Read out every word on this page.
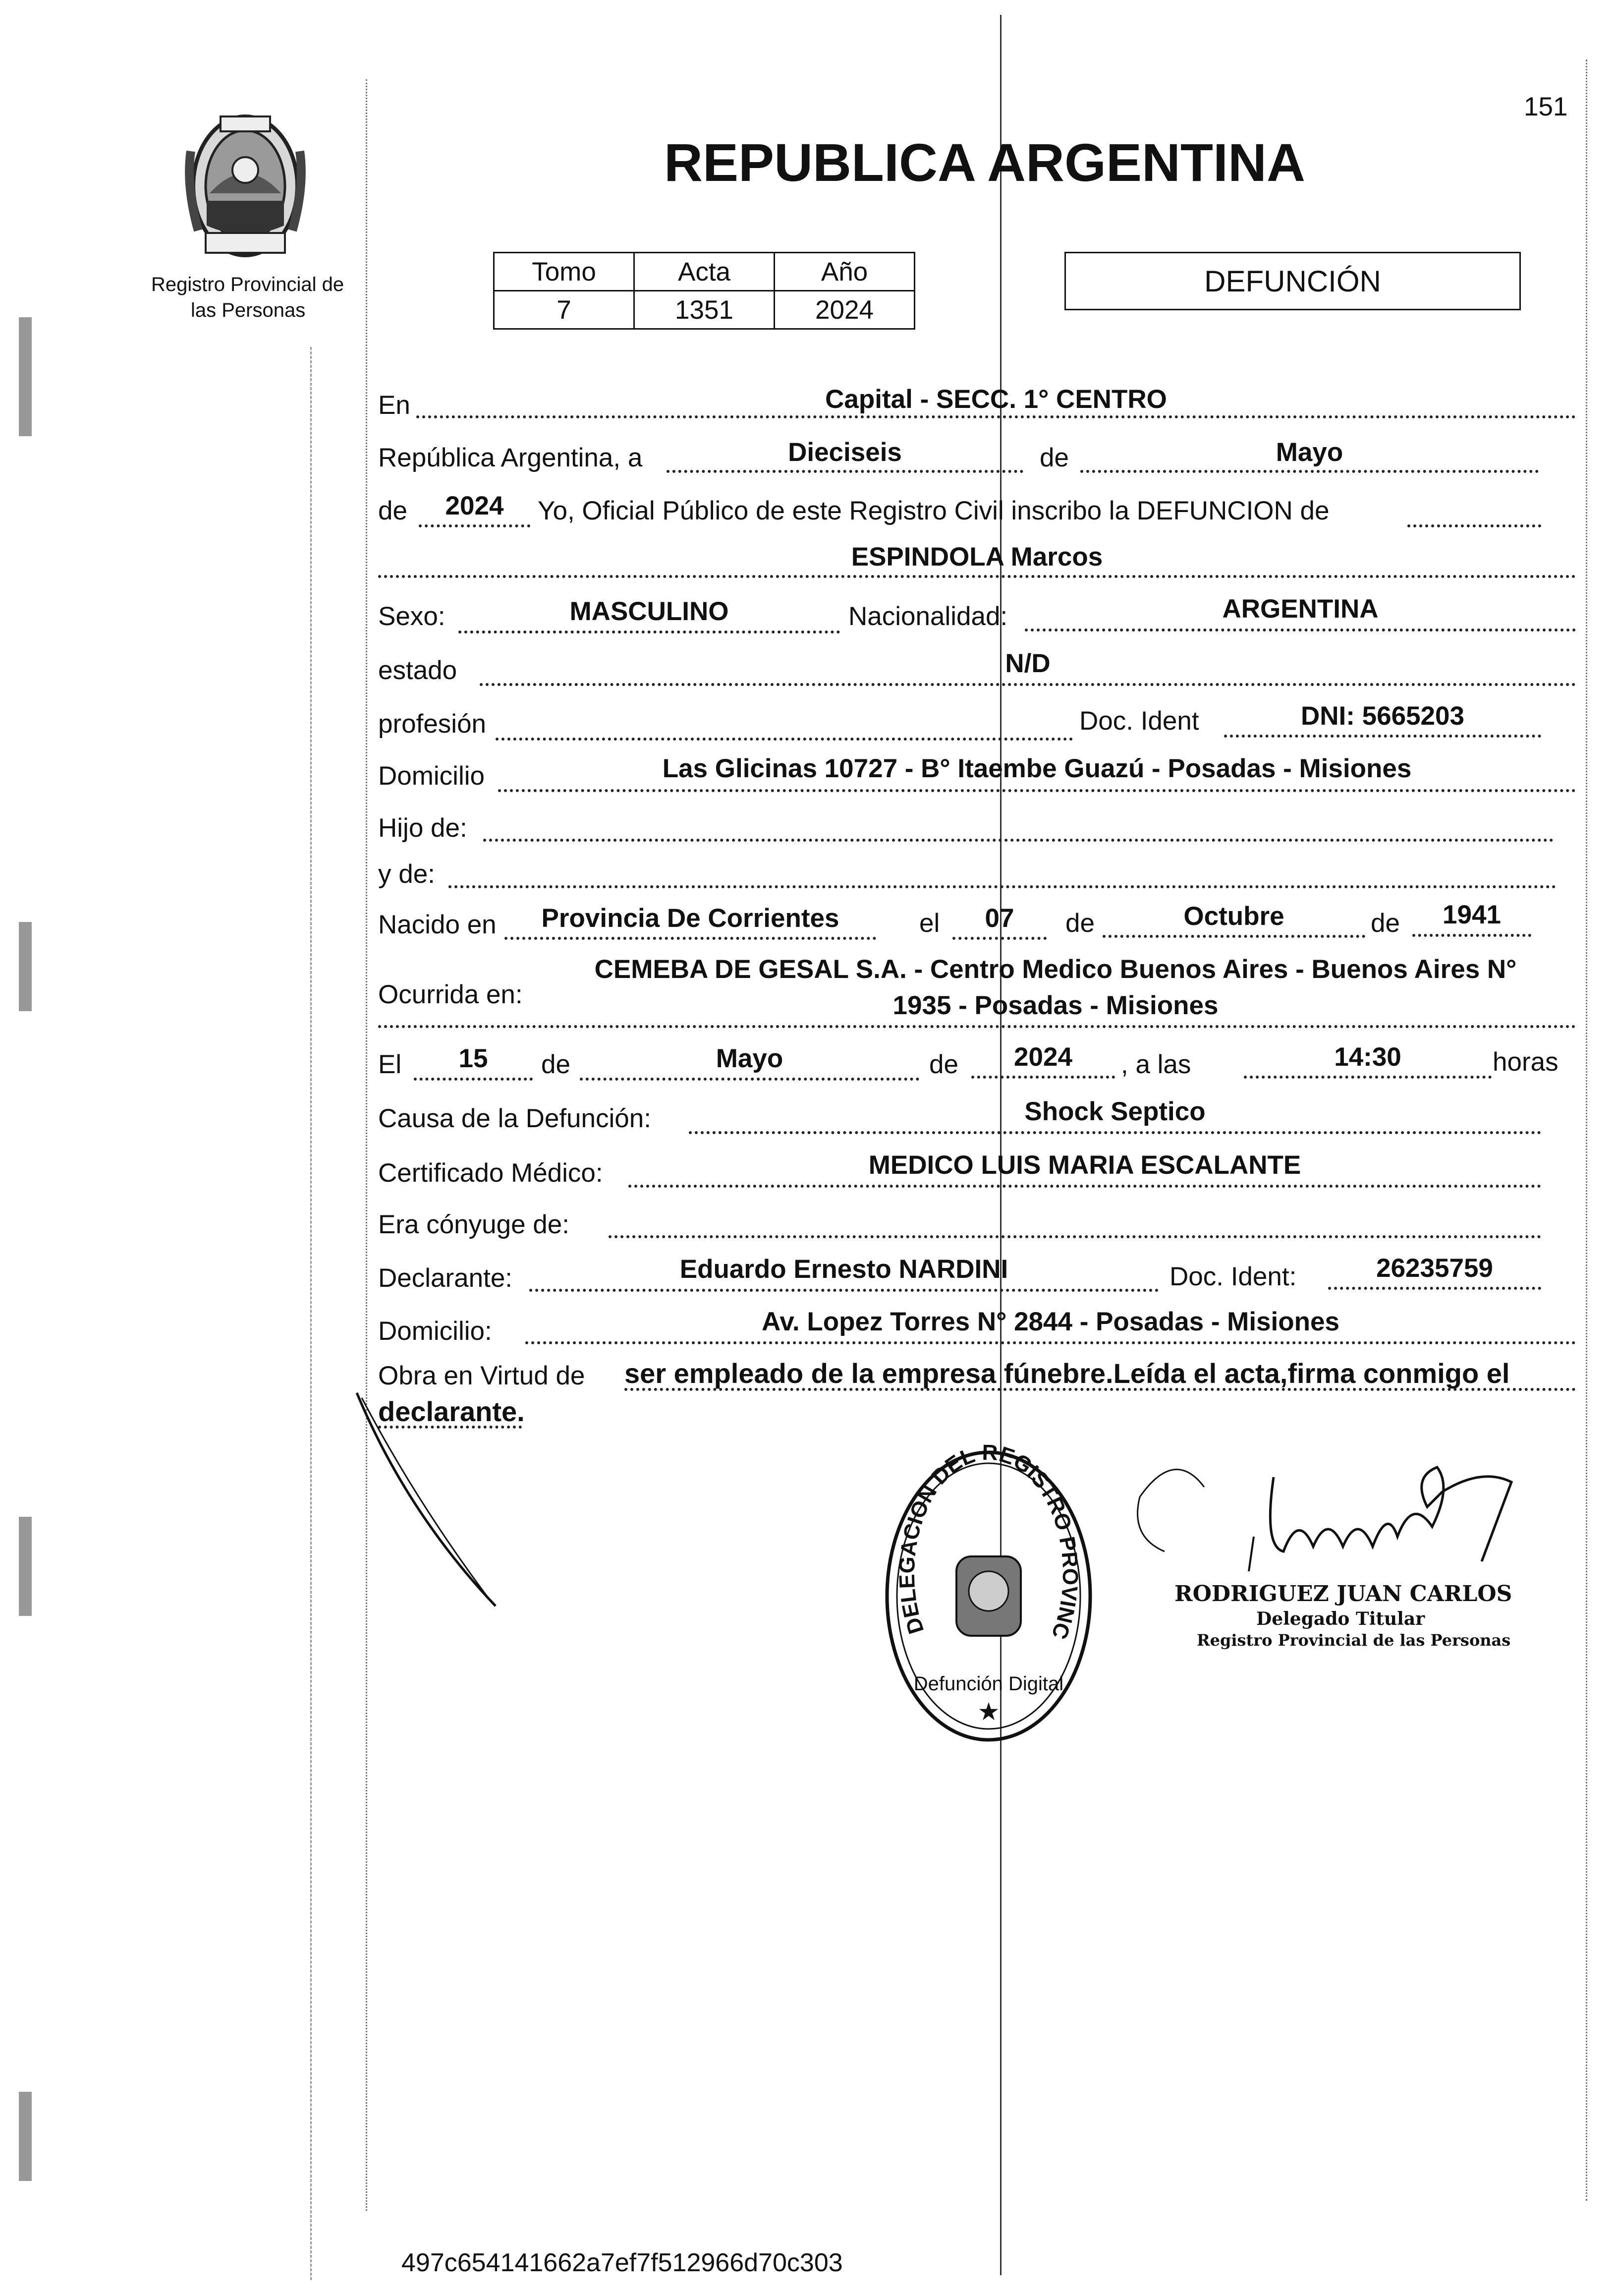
151
Registro Provincial de
las Personas
REPUBLICA ARGENTINA
Tomo	Acta	Año
7	1351	2024
DEFUNCIÓN
En	Capital - SECC. 1° CENTRO
República Argentina, a	Dieciseis	de	Mayo
de	2024	Yo, Oficial Público de este Registro Civil inscribo la DEFUNCION de
ESPINDOLA Marcos
Sexo:	MASCULINO	Nacionalidad:	ARGENTINA
estado	N/D
profesión	Doc. Ident	DNI: 5665203
Domicilio	Las Glicinas 10727 - B° Itaembe Guazú - Posadas - Misiones
Hijo de:
y de:
Nacido en	Provincia De Corrientes	el	07	de	Octubre	de	1941
Ocurrida en:
CEMEBA DE GESAL S.A. - Centro Medico Buenos Aires - Buenos Aires N°
1935 - Posadas - Misiones
El	15	de	Mayo	de	2024	, a las	14:30	horas
Causa de la Defunción:	Shock Septico
Certificado Médico:	MEDICO LUIS MARIA ESCALANTE
Era cónyuge de:
Declarante:	Eduardo Ernesto NARDINI	Doc. Ident:	26235759
Domicilio:	Av. Lopez Torres N° 2844 - Posadas - Misiones
Obra en Virtud de ser empleado de la empresa fúnebre.Leída el acta,firma conmigo el
declarante.
DELEGACION DEL REGISTRO PROVINC
Defunción Digital
★
RODRIGUEZ JUAN CARLOS
Delegado Titular
Registro Provincial de las Personas
497c654141662a7ef7f512966d70c303
